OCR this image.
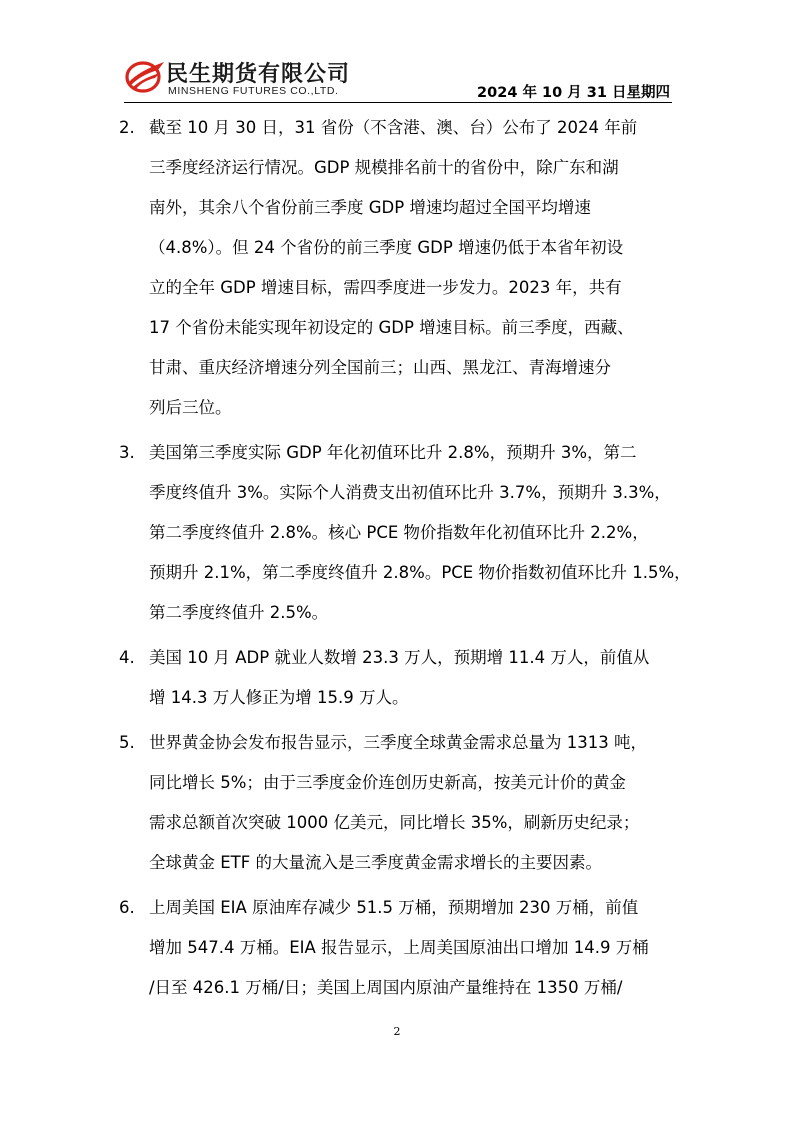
民生期货有限公司
MINSHENG FUTURES CO.,LTD.	2024 年 10 月 31 日星期四
2. 截至 10 月 30 日，31 省份（不含港、澳、台）公布了 2024 年前
三季度经济运行情况。GDP 规模排名前十的省份中，除广东和湖
南外，其余八个省份前三季度 GDP 增速均超过全国平均增速
（4.8%）。但 24 个省份的前三季度 GDP 增速仍低于本省年初设
立的全年 GDP 增速目标，需四季度进一步发力。2023 年，共有
17 个省份未能实现年初设定的 GDP 增速目标。前三季度，西藏、
甘肃、重庆经济增速分列全国前三；山西、黑龙江、青海增速分
列后三位。
3. 美国第三季度实际 GDP 年化初值环比升 2.8%，预期升 3%，第二
季度终值升 3%。实际个人消费支出初值环比升 3.7%，预期升 3.3%，
第二季度终值升 2.8%。核心 PCE 物价指数年化初值环比升 2.2%，
预期升 2.1%，第二季度终值升 2.8%。PCE 物价指数初值环比升 1.5%，
第二季度终值升 2.5%。
4. 美国 10 月 ADP 就业人数增 23.3 万人，预期增 11.4 万人，前值从
增 14.3 万人修正为增 15.9 万人。
5. 世界黄金协会发布报告显示，三季度全球黄金需求总量为 1313 吨，
同比增长 5%；由于三季度金价连创历史新高，按美元计价的黄金
需求总额首次突破 1000 亿美元，同比增长 35%，刷新历史纪录；
全球黄金 ETF 的大量流入是三季度黄金需求增长的主要因素。
6. 上周美国 EIA 原油库存减少 51.5 万桶，预期增加 230 万桶，前值
增加 547.4 万桶。EIA 报告显示，上周美国原油出口增加 14.9 万桶
/日至 426.1 万桶/日；美国上周国内原油产量维持在 1350 万桶/
2
